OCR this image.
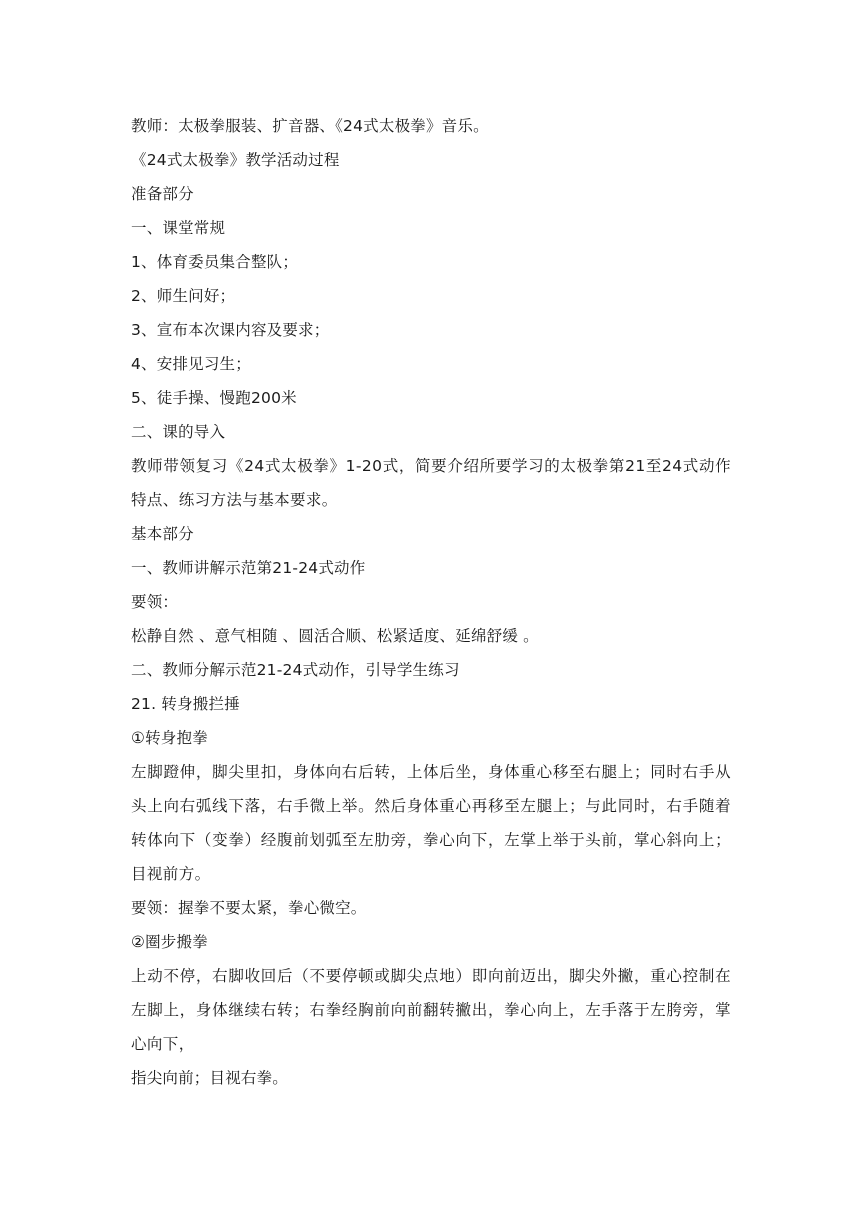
教师：太极拳服装、扩音器、《24式太极拳》音乐。
《24式太极拳》教学活动过程
准备部分
一、课堂常规
1、体育委员集合整队；
2、师生问好；
3、宣布本次课内容及要求；
4、安排见习生；
5、徒手操、慢跑200米
二、课的导入
教师带领复习《24式太极拳》1-20式，简要介绍所要学习的太极拳第21至24式动作特点、练习方法与基本要求。
基本部分
一、教师讲解示范第21-24式动作
要领：
松静自然 、意气相随 、圆活合顺、松紧适度、延绵舒缓 。
二、教师分解示范21-24式动作，引导学生练习
21. 转身搬拦捶
①转身抱拳
左脚蹬伸，脚尖里扣，身体向右后转，上体后坐，身体重心移至右腿上；同时右手从头上向右弧线下落，右手微上举。然后身体重心再移至左腿上；与此同时，右手随着转体向下（变拳）经腹前划弧至左肋旁，拳心向下，左掌上举于头前，掌心斜向上；目视前方。
要领：握拳不要太紧，拳心微空。
②圈步搬拳
上动不停，右脚收回后（不要停顿或脚尖点地）即向前迈出，脚尖外撇，重心控制在左脚上，身体继续右转；右拳经胸前向前翻转撇出，拳心向上，左手落于左胯旁，掌心向下，
指尖向前；目视右拳。
